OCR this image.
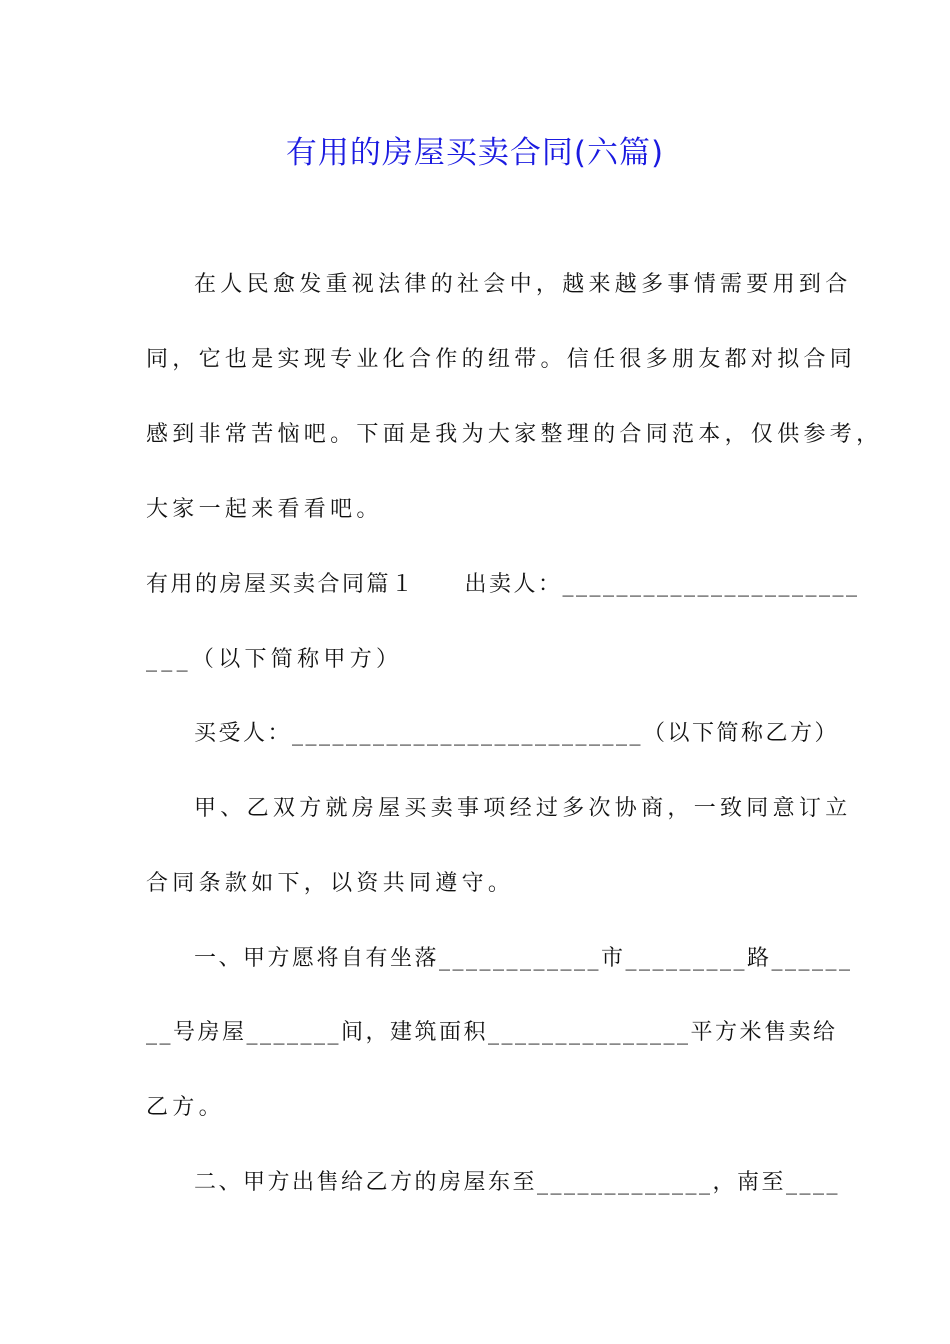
有用的房屋买卖合同(六篇)
在人民愈发重视法律的社会中，越来越多事情需要用到合
同，它也是实现专业化合作的纽带。信任很多朋友都对拟合同
感到非常苦恼吧。下面是我为大家整理的合同范本，仅供参考，
大家一起来看看吧。
有用的房屋买卖合同篇１　　出卖人：______________________
___（以下简称甲方）
买受人：__________________________（以下简称乙方）
甲、乙双方就房屋买卖事项经过多次协商，一致同意订立
合同条款如下，以资共同遵守。
一、甲方愿将自有坐落____________市_________路______
__号房屋_______间，建筑面积_______________平方米售卖给
乙方。
二、甲方出售给乙方的房屋东至_____________，南至____
